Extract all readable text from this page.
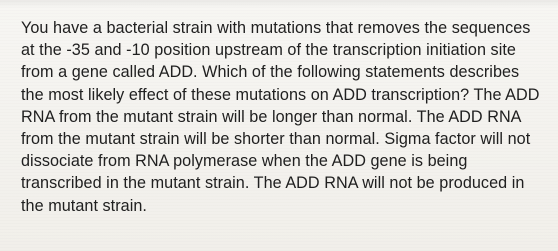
You have a bacterial strain with mutations that removes the sequences at the -35 and -10 position upstream of the transcription initiation site from a gene called ADD. Which of the following statements describes the most likely effect of these mutations on ADD transcription? The ADD RNA from the mutant strain will be longer than normal. The ADD RNA from the mutant strain will be shorter than normal. Sigma factor will not dissociate from RNA polymerase when the ADD gene is being transcribed in the mutant strain. The ADD RNA will not be produced in the mutant strain.
